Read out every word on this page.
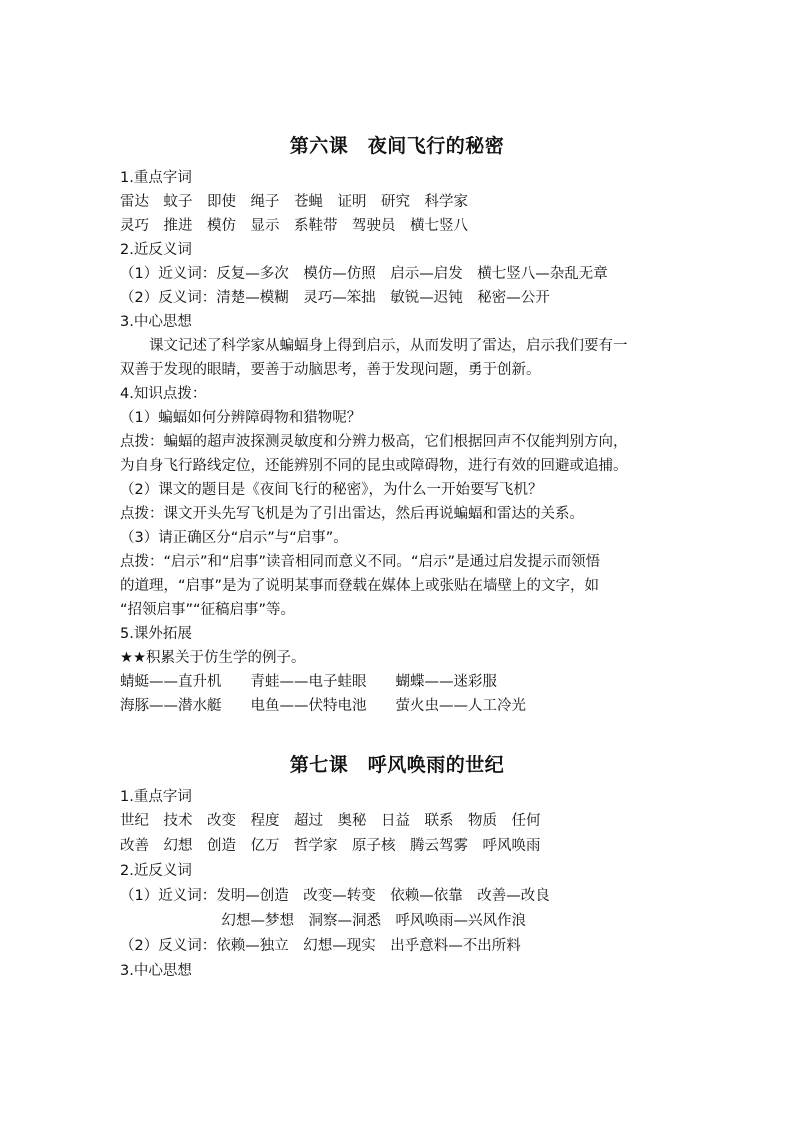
第六课　夜间飞行的秘密
1.重点字词
雷达　蚊子　即使　绳子　苍蝇　证明　研究　科学家
灵巧　推进　模仿　显示　系鞋带　驾驶员　横七竖八
2.近反义词
（1）近义词：反复—多次　模仿—仿照　启示—启发　横七竖八—杂乱无章
（2）反义词：清楚—模糊　灵巧—笨拙　敏锐—迟钝　秘密—公开
3.中心思想
　　课文记述了科学家从蝙蝠身上得到启示，从而发明了雷达，启示我们要有一
双善于发现的眼睛，要善于动脑思考，善于发现问题，勇于创新。
4.知识点拨：
（1）蝙蝠如何分辨障碍物和猎物呢？
点拨：蝙蝠的超声波探测灵敏度和分辨力极高，它们根据回声不仅能判别方向，
为自身飞行路线定位，还能辨别不同的昆虫或障碍物，进行有效的回避或追捕。
（2）课文的题目是《夜间飞行的秘密》，为什么一开始要写飞机？
点拨：课文开头先写飞机是为了引出雷达，然后再说蝙蝠和雷达的关系。
（3）请正确区分“启示”与“启事”。
点拨：“启示”和“启事”读音相同而意义不同。“启示”是通过启发提示而领悟
的道理，“启事”是为了说明某事而登载在媒体上或张贴在墙壁上的文字，如
“招领启事”“征稿启事”等。
5.课外拓展
★★积累关于仿生学的例子。
蜻蜓——直升机　　青蛙——电子蛙眼　　蝴蝶——迷彩服
海豚——潜水艇　　电鱼——伏特电池　　萤火虫——人工冷光
第七课　呼风唤雨的世纪
1.重点字词
世纪　技术　改变　程度　超过　奥秘　日益　联系　物质　任何
改善　幻想　创造　亿万　哲学家　原子核　腾云驾雾　呼风唤雨
2.近反义词
（1）近义词：发明—创造　改变—转变　依赖—依靠　改善—改良
　　　　　　　幻想—梦想　洞察—洞悉　呼风唤雨—兴风作浪
（2）反义词：依赖—独立　幻想—现实　出乎意料—不出所料
3.中心思想
